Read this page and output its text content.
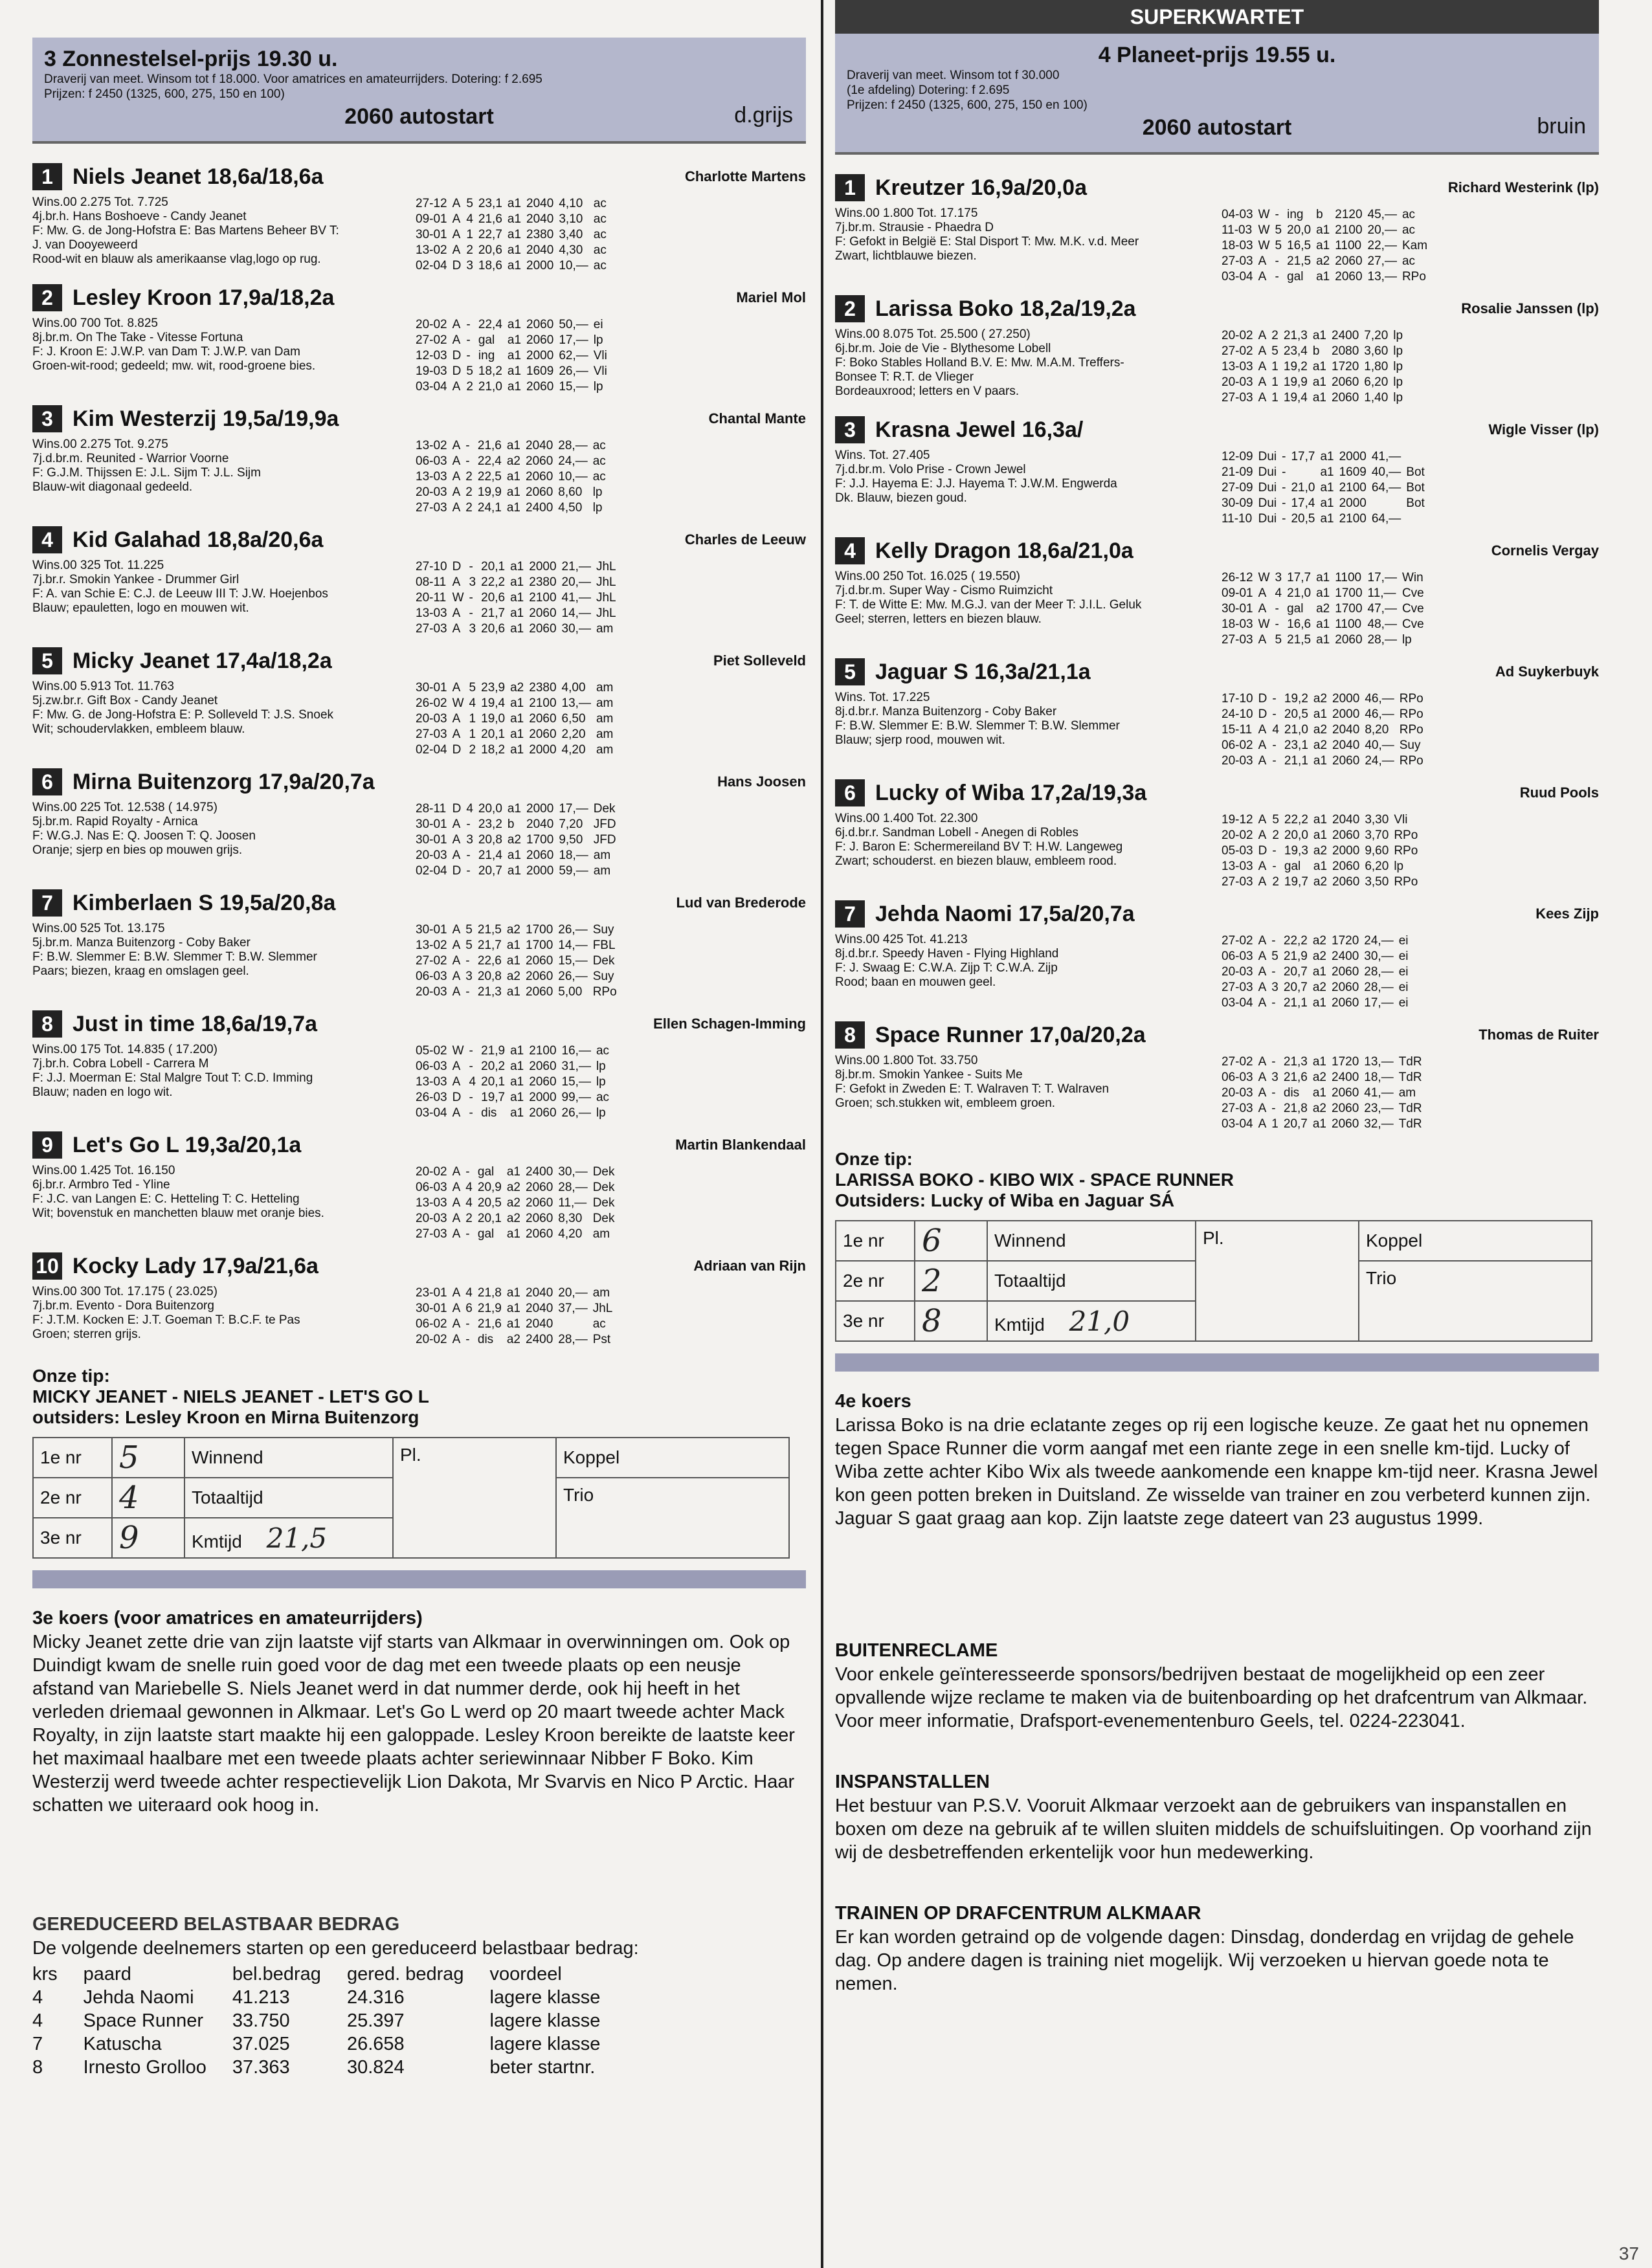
3 Zonnestelsel-prijs 19.30 u.
Draverij van meet. Winsom tot f 18.000. Voor amatrices en amateurrijders. Dotering: f 2.695
Prijzen: f 2450 (1325, 600, 275, 150 en 100)
2060 autostart	d.grijs
1 Niels Jeanet 18,6a/18,6a	Charlotte Martens
Wins.00 2.275 Tot. 7.725
4j.br.h. Hans Boshoeve - Candy Jeanet
F: Mw. G. de Jong-Hofstra E: Bas Martens Beheer BV T:
J. van Dooyeweerd
Rood-wit en blauw als amerikaanse vlag,logo op rug.
27-12	A	5	23,1	a1	2040	4,10	ac
09-01	A	4	21,6	a1	2040	3,10	ac
30-01	A	1	22,7	a1	2380	3,40	ac
13-02	A	2	20,6	a1	2040	4,30	ac
02-04	D	3	18,6	a1	2000	10,—	ac
2 Lesley Kroon 17,9a/18,2a	Mariel Mol
Wins.00 700 Tot. 8.825
8j.br.m. On The Take - Vitesse Fortuna
F: J. Kroon E: J.W.P. van Dam T: J.W.P. van Dam
Groen-wit-rood; gedeeld; mw. wit, rood-groene bies.
20-02	A	-	22,4	a1	2060	50,—	ei
27-02	A	-	gal	a1	2060	17,—	lp
12-03	D	-	ing	a1	2000	62,—	Vli
19-03	D	5	18,2	a1	1609	26,—	Vli
03-04	A	2	21,0	a1	2060	15,—	lp
3 Kim Westerzij 19,5a/19,9a	Chantal Mante
Wins.00 2.275 Tot. 9.275
7j.d.br.m. Reunited - Warrior Voorne
F: G.J.M. Thijssen E: J.L. Sijm T: J.L. Sijm
Blauw-wit diagonaal gedeeld.
13-02	A	-	21,6	a1	2040	28,—	ac
06-03	A	-	22,4	a2	2060	24,—	ac
13-03	A	2	22,5	a1	2060	10,—	ac
20-03	A	2	19,9	a1	2060	8,60	lp
27-03	A	2	24,1	a1	2400	4,50	lp
4 Kid Galahad 18,8a/20,6a	Charles de Leeuw
Wins.00 325 Tot. 11.225
7j.br.r. Smokin Yankee - Drummer Girl
F: A. van Schie E: C.J. de Leeuw III T: J.W. Hoejenbos
Blauw; epauletten, logo en mouwen wit.
27-10	D	-	20,1	a1	2000	21,—	JhL
08-11	A	3	22,2	a1	2380	20,—	JhL
20-11	W	-	20,6	a1	2100	41,—	JhL
13-03	A	-	21,7	a1	2060	14,—	JhL
27-03	A	3	20,6	a1	2060	30,—	am
5 Micky Jeanet 17,4a/18,2a	Piet Solleveld
Wins.00 5.913 Tot. 11.763
5j.zw.br.r. Gift Box - Candy Jeanet
F: Mw. G. de Jong-Hofstra E: P. Solleveld T: J.S. Snoek
Wit; schoudervlakken, embleem blauw.
30-01	A	5	23,9	a2	2380	4,00	am
26-02	W	4	19,4	a1	2100	13,—	am
20-03	A	1	19,0	a1	2060	6,50	am
27-03	A	1	20,1	a1	2060	2,20	am
02-04	D	2	18,2	a1	2000	4,20	am
6 Mirna Buitenzorg 17,9a/20,7a	Hans Joosen
Wins.00 225 Tot. 12.538 ( 14.975)
5j.br.m. Rapid Royalty - Arnica
F: W.G.J. Nas E: Q. Joosen T: Q. Joosen
Oranje; sjerp en bies op mouwen grijs.
28-11	D	4	20,0	a1	2000	17,—	Dek
30-01	A	-	23,2	b	2040	7,20	JFD
30-01	A	3	20,8	a2	1700	9,50	JFD
20-03	A	-	21,4	a1	2060	18,—	am
02-04	D	-	20,7	a1	2000	59,—	am
7 Kimberlaen S 19,5a/20,8a	Lud van Brederode
Wins.00 525 Tot. 13.175
5j.br.m. Manza Buitenzorg - Coby Baker
F: B.W. Slemmer E: B.W. Slemmer T: B.W. Slemmer
Paars; biezen, kraag en omslagen geel.
30-01	A	5	21,5	a2	1700	26,—	Suy
13-02	A	5	21,7	a1	1700	14,—	FBL
27-02	A	-	22,6	a1	2060	15,—	Dek
06-03	A	3	20,8	a2	2060	26,—	Suy
20-03	A	-	21,3	a1	2060	5,00	RPo
8 Just in time 18,6a/19,7a	Ellen Schagen-Imming
Wins.00 175 Tot. 14.835 ( 17.200)
7j.br.h. Cobra Lobell - Carrera M
F: J.J. Moerman E: Stal Malgre Tout T: C.D. Imming
Blauw; naden en logo wit.
05-02	W	-	21,9	a1	2100	16,—	ac
06-03	A	-	20,2	a1	2060	31,—	lp
13-03	A	4	20,1	a1	2060	15,—	lp
26-03	D	-	19,7	a1	2000	99,—	ac
03-04	A	-	dis	a1	2060	26,—	lp
9 Let's Go L 19,3a/20,1a	Martin Blankendaal
Wins.00 1.425 Tot. 16.150
6j.br.r. Armbro Ted - Yline
F: J.C. van Langen E: C. Hetteling T: C. Hetteling
Wit; bovenstuk en manchetten blauw met oranje bies.
20-02	A	-	gal	a1	2400	30,—	Dek
06-03	A	4	20,9	a2	2060	28,—	Dek
13-03	A	4	20,5	a2	2060	11,—	Dek
20-03	A	2	20,1	a2	2060	8,30	Dek
27-03	A	-	gal	a1	2060	4,20	am
10 Kocky Lady 17,9a/21,6a	Adriaan van Rijn
Wins.00 300 Tot. 17.175 ( 23.025)
7j.br.m. Evento - Dora Buitenzorg
F: J.T.M. Kocken E: J.T. Goeman T: B.C.F. te Pas
Groen; sterren grijs.
23-01	A	4	21,8	a1	2040	20,—	am
30-01	A	6	21,9	a1	2040	37,—	JhL
06-02	A	-	21,6	a1	2040		ac
20-02	A	-	dis	a2	2400	28,—	Pst
Onze tip:
MICKY JEANET - NIELS JEANET - LET'S GO L
outsiders: Lesley Kroon en Mirna Buitenzorg
1e nr	5	Winnend	Pl.	Koppel
2e nr	4	Totaaltijd		Trio
3e nr	9	Kmtijd 21,5		
3e koers (voor amatrices en amateurrijders)

Micky Jeanet zette drie van zijn laatste vijf starts van Alkmaar in overwinningen om. Ook op Duindigt kwam de snelle ruin goed voor de dag met een tweede plaats op een neusje afstand van Mariebelle S. Niels Jeanet werd in dat nummer derde, ook hij heeft in het verleden driemaal gewonnen in Alkmaar. Let's Go L werd op 20 maart tweede achter Mack Royalty, in zijn laatste start maakte hij een galoppade. Lesley Kroon bereikte de laatste keer het maximaal haalbare met een tweede plaats achter seriewinnaar Nibber F Boko. Kim Westerzij werd tweede achter respectievelijk Lion Dakota, Mr Svarvis en Nico P Arctic. Haar schatten we uiteraard ook hoog in.

GEREDUCEERD BELASTBAAR BEDRAG
De volgende deelnemers starten op een gereduceerd belastbaar bedrag:
krs	paard	bel.bedrag	gered. bedrag	voordeel
4	Jehda Naomi	41.213	24.316	lagere klasse
4	Space Runner	33.750	25.397	lagere klasse
7	Katuscha	37.025	26.658	lagere klasse
8	Irnesto Grolloo	37.363	30.824	beter startnr.
SUPERKWARTET
4 Planeet-prijs 19.55 u.
Draverij van meet. Winsom tot f 30.000
(1e afdeling) Dotering: f 2.695
Prijzen: f 2450 (1325, 600, 275, 150 en 100)
2060 autostart	bruin
1 Kreutzer 16,9a/20,0a	Richard Westerink (lp)
Wins.00 1.800 Tot. 17.175
7j.br.m. Strausie - Phaedra D
F: Gefokt in België E: Stal Disport T: Mw. M.K. v.d. Meer
Zwart, lichtblauwe biezen.
04-03	W	-	ing	b	2120	45,—	ac
11-03	W	5	20,0	a1	2100	20,—	ac
18-03	W	5	16,5	a1	1100	22,—	Kam
27-03	A	-	21,5	a2	2060	27,—	ac
03-04	A	-	gal	a1	2060	13,—	RPo
2 Larissa Boko 18,2a/19,2a	Rosalie Janssen (lp)
Wins.00 8.075 Tot. 25.500 ( 27.250)
6j.br.m. Joie de Vie - Blythesome Lobell
F: Boko Stables Holland B.V. E: Mw. M.A.M. Treffers-
Bonsee T: R.T. de Vlieger
Bordeauxrood; letters en V paars.
20-02	A	2	21,3	a1	2400	7,20	lp
27-02	A	5	23,4	b	2080	3,60	lp
13-03	A	1	19,2	a1	1720	1,80	lp
20-03	A	1	19,9	a1	2060	6,20	lp
27-03	A	1	19,4	a1	2060	1,40	lp
3 Krasna Jewel 16,3a/	Wigle Visser (lp)
Wins. Tot. 27.405
7j.d.br.m. Volo Prise - Crown Jewel
F: J.J. Hayema E: J.J. Hayema T: J.W.M. Engwerda
Dk. Blauw, biezen goud.
12-09	Dui	-	17,7	a1	2000	41,—	
21-09	Dui	-		a1	1609	40,—	Bot
27-09	Dui	-	21,0	a1	2100	64,—	Bot
30-09	Dui	-	17,4	a1	2000		Bot
11-10	Dui	-	20,5	a1	2100	64,—	
4 Kelly Dragon 18,6a/21,0a	Cornelis Vergay
Wins.00 250 Tot. 16.025 ( 19.550)
7j.d.br.m. Super Way - Cismo Ruimzicht
F: T. de Witte E: Mw. M.G.J. van der Meer T: J.I.L. Geluk
Geel; sterren, letters en biezen blauw.
26-12	W	3	17,7	a1	1100	17,—	Win
09-01	A	4	21,0	a1	1700	11,—	Cve
30-01	A	-	gal	a2	1700	47,—	Cve
18-03	W	-	16,6	a1	1100	48,—	Cve
27-03	A	5	21,5	a1	2060	28,—	lp
5 Jaguar S 16,3a/21,1a	Ad Suykerbuyk
Wins. Tot. 17.225
8j.d.br.r. Manza Buitenzorg - Coby Baker
F: B.W. Slemmer E: B.W. Slemmer T: B.W. Slemmer
Blauw; sjerp rood, mouwen wit.
17-10	D	-	19,2	a2	2000	46,—	RPo
24-10	D	-	20,5	a1	2000	46,—	RPo
15-11	A	4	21,0	a2	2040	8,20	RPo
06-02	A	-	23,1	a2	2040	40,—	Suy
20-03	A	-	21,1	a1	2060	24,—	RPo
6 Lucky of Wiba 17,2a/19,3a	Ruud Pools
Wins.00 1.400 Tot. 22.300
6j.d.br.r. Sandman Lobell - Anegen di Robles
F: J. Baron E: Schermereiland BV T: H.W. Langeweg
Zwart; schouderst. en biezen blauw, embleem rood.
19-12	A	5	22,2	a1	2040	3,30	Vli
20-02	A	2	20,0	a1	2060	3,70	RPo
05-03	D	-	19,3	a2	2000	9,60	RPo
13-03	A	-	gal	a1	2060	6,20	lp
27-03	A	2	19,7	a2	2060	3,50	RPo
7 Jehda Naomi 17,5a/20,7a	Kees Zijp
Wins.00 425 Tot. 41.213
8j.d.br.r. Speedy Haven - Flying Highland
F: J. Swaag E: C.W.A. Zijp T: C.W.A. Zijp
Rood; baan en mouwen geel.
27-02	A	-	22,2	a2	1720	24,—	ei
06-03	A	5	21,9	a2	2400	30,—	ei
20-03	A	-	20,7	a1	2060	28,—	ei
27-03	A	3	20,7	a2	2060	28,—	ei
03-04	A	-	21,1	a1	2060	17,—	ei
8 Space Runner 17,0a/20,2a	Thomas de Ruiter
Wins.00 1.800 Tot. 33.750
8j.br.m. Smokin Yankee - Suits Me
F: Gefokt in Zweden E: T. Walraven T: T. Walraven
Groen; sch.stukken wit, embleem groen.
27-02	A	-	21,3	a1	1720	13,—	TdR
06-03	A	3	21,6	a2	2400	18,—	TdR
20-03	A	-	dis	a1	2060	41,—	am
27-03	A	-	21,8	a2	2060	23,—	TdR
03-04	A	1	20,7	a1	2060	32,—	TdR
Onze tip:
LARISSA BOKO - KIBO WIX - SPACE RUNNER
Outsiders: Lucky of Wiba en Jaguar SÁ
1e nr	6	Winnend	Pl.	Koppel
2e nr	2	Totaaltijd		Trio
3e nr	8	Kmtijd 21,0		
4e koers

Larissa Boko is na drie eclatante zeges op rij een logische keuze. Ze gaat het nu opnemen tegen Space Runner die vorm aangaf met een riante zege in een snelle km-tijd. Lucky of Wiba zette achter Kibo Wix als tweede aankomende een knappe km-tijd neer. Krasna Jewel kon geen potten breken in Duitsland. Ze wisselde van trainer en zou verbeterd kunnen zijn. Jaguar S gaat graag aan kop. Zijn laatste zege dateert van 23 augustus 1999.

BUITENRECLAME

Voor enkele geïnteresseerde sponsors/bedrijven bestaat de mogelijkheid op een zeer opvallende wijze reclame te maken via de buitenboarding op het drafcentrum van Alkmaar. Voor meer informatie, Drafsport-evenementenburo Geels, tel. 0224-223041.

INSPANSTALLEN

Het bestuur van P.S.V. Vooruit Alkmaar verzoekt aan de gebruikers van inspanstallen en boxen om deze na gebruik af te willen sluiten middels de schuifsluitingen. Op voorhand zijn wij de desbetreffenden erkentelijk voor hun medewerking.

TRAINEN OP DRAFCENTRUM ALKMAAR

Er kan worden getraind op de volgende dagen: Dinsdag, donderdag en vrijdag de gehele dag. Op andere dagen is training niet mogelijk. Wij verzoeken u hiervan goede nota te nemen.

37
